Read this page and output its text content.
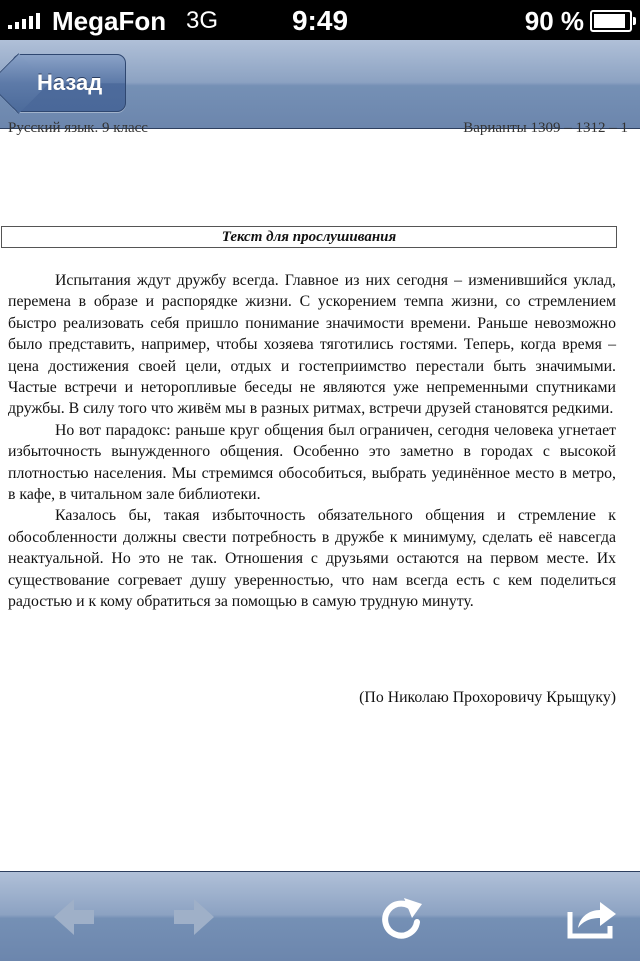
MegaFon 3G	9:49	90 %
Назад
Русский язык. 9 класс	Варианты 1309 – 1312 – 1
Текст для прослушивания

Испытания ждут дружбу всегда. Главное из них сегодня – изменившийся уклад, перемена в образе и распорядке жизни. С ускорением темпа жизни, со стремлением быстро реализовать себя пришло понимание значимости времени. Раньше невозможно было представить, например, чтобы хозяева тяготились гостями. Теперь, когда время – цена достижения своей цели, отдых и гостеприимство перестали быть значимыми. Частые встречи и неторопливые беседы не являются уже непременными спутниками дружбы. В силу того что живём мы в разных ритмах, встречи друзей становятся редкими.

Но вот парадокс: раньше круг общения был ограничен, сегодня человека угнетает избыточность вынужденного общения. Особенно это заметно в городах с высокой плотностью населения. Мы стремимся обособиться, выбрать уединённое место в метро, в кафе, в читальном зале библиотеки.

Казалось бы, такая избыточность обязательного общения и стремление к обособленности должны свести потребность в дружбе к минимуму, сделать её навсегда неактуальной. Но это не так. Отношения с друзьями остаются на первом месте. Их существование согревает душу уверенностью, что нам всегда есть с кем поделиться радостью и к кому обратиться за помощью в самую трудную минуту.

(По Николаю Прохоровичу Крыщуку)
